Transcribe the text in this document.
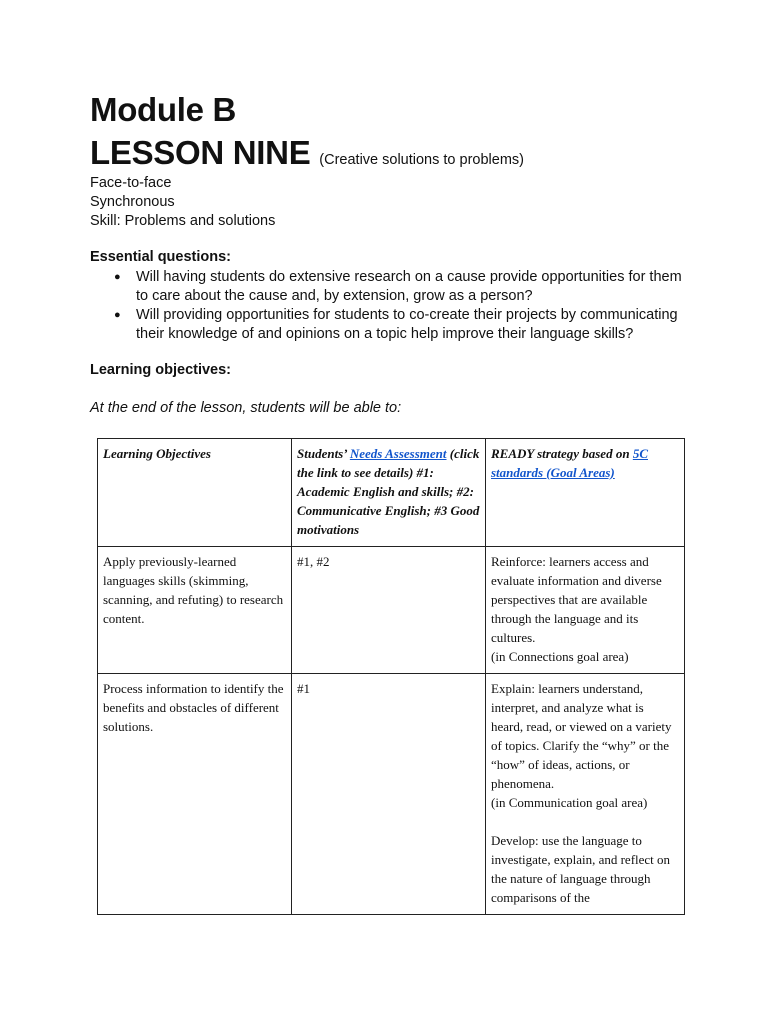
Module B
LESSON NINE (Creative solutions to problems)
Face-to-face
Synchronous
Skill: Problems and solutions
Essential questions:
● Will having students do extensive research on a cause provide opportunities for them to care about the cause and, by extension, grow as a person?
● Will providing opportunities for students to co-create their projects by communicating their knowledge of and opinions on a topic help improve their language skills?
Learning objectives:
At the end of the lesson, students will be able to:
Learning Objectives	Students’ Needs Assessment (click the link to see details) #1: Academic English and skills; #2: Communicative English; #3 Good motivations	READY strategy based on 5C standards (Goal Areas)
Apply previously-learned languages skills (skimming, scanning, and refuting) to research content.	#1, #2	Reinforce: learners access and evaluate information and diverse perspectives that are available through the language and its cultures.
(in Connections goal area)

Process information to identify the benefits and obstacles of different solutions.	#1	Explain: learners understand, interpret, and analyze what is heard, read, or viewed on a variety of topics. Clarify the “why” or the “how” of ideas, actions, or phenomena.
(in Communication goal area)
Develop: use the language to investigate, explain, and reflect on the nature of language through comparisons of the
